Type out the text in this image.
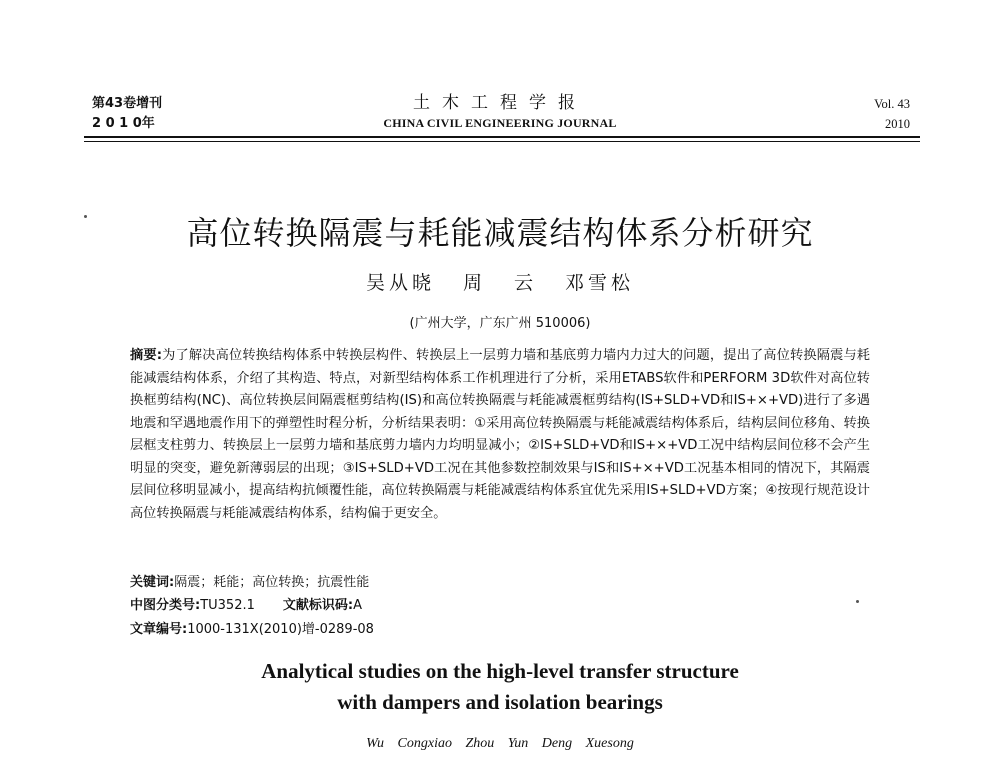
第43卷增刊
2 0 1 0年
土木工程学报
CHINA CIVIL ENGINEERING JOURNAL
Vol. 43
2010
高位转换隔震与耗能减震结构体系分析研究
吴从晓 周 云 邓雪松
(广州大学，广东广州 510006)
摘要:为了解决高位转换结构体系中转换层构件、转换层上一层剪力墙和基底剪力墙内力过大的问题，提出了高位转换隔震与耗能减震结构体系，介绍了其构造、特点，对新型结构体系工作机理进行了分析，采用ETABS软件和PERFORM 3D软件对高位转换框剪结构(NC)、高位转换层间隔震框剪结构(IS)和高位转换隔震与耗能减震框剪结构(IS+SLD+VD和IS+×+VD)进行了多遇地震和罕遇地震作用下的弹塑性时程分析，分析结果表明：①采用高位转换隔震与耗能减震结构体系后，结构层间位移角、转换层框支柱剪力、转换层上一层剪力墙和基底剪力墙内力均明显减小；②IS+SLD+VD和IS+×+VD工况中结构层间位移不会产生明显的突变，避免新薄弱层的出现；③IS+SLD+VD工况在其他参数控制效果与IS和IS+×+VD工况基本相同的情况下，其隔震层间位移明显减小，提高结构抗倾覆性能，高位转换隔震与耗能减震结构体系宜优先采用IS+SLD+VD方案；④按现行规范设计高位转换隔震与耗能减震结构体系，结构偏于更安全。
关键词:隔震；耗能；高位转换；抗震性能
中图分类号:TU352.1 文献标识码:A
文章编号:1000-131X(2010)增-0289-08
Analytical studies on the high-level transfer structure
with dampers and isolation bearings
Wu Congxiao Zhou Yun Deng Xuesong
